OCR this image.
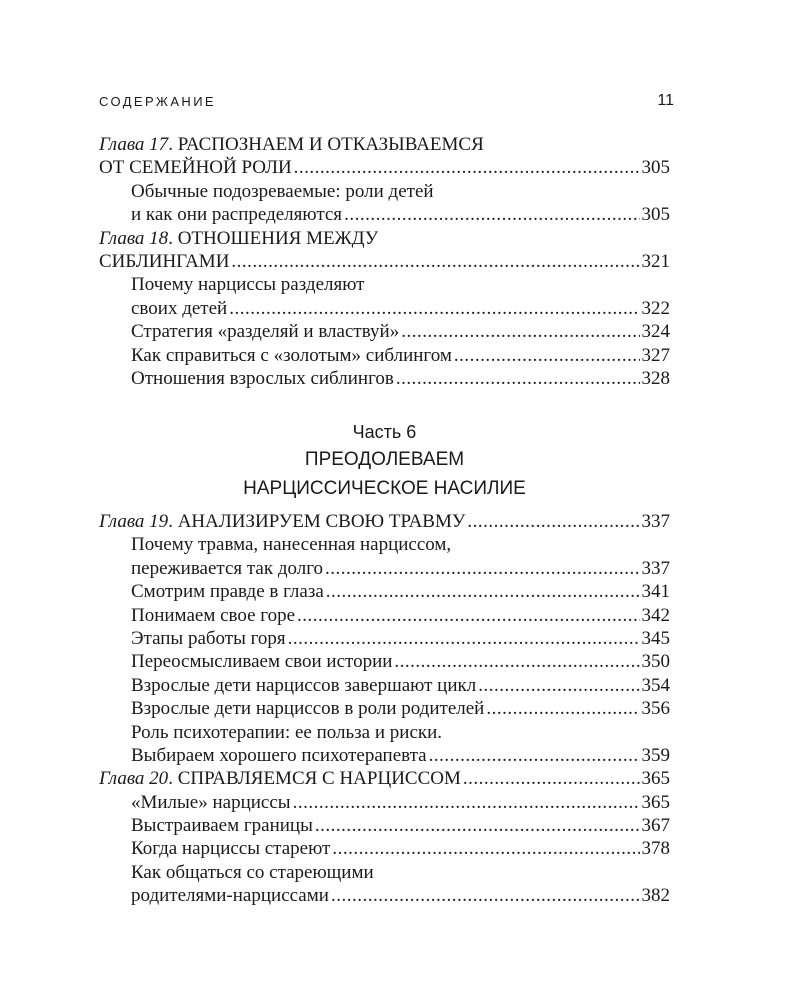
СОДЕРЖАНИЕ	11
Глава 17. РАСПОЗНАЕМ И ОТКАЗЫВАЕМСЯ
ОТ СЕМЕЙНОЙ РОЛИ .....	305
Обычные подозреваемые: роли детей
и как они распределяются .....	305
Глава 18. ОТНОШЕНИЯ МЕЖДУ
СИБЛИНГАМИ .....	321
Почему нарциссы разделяют
своих детей .....	322
Стратегия «разделяй и властвуй» .....	324
Как справиться с «золотым» сиблингом .....	327
Отношения взрослых сиблингов .....	328
Часть 6
ПРЕОДОЛЕВАЕМ
НАРЦИССИЧЕСКОЕ НАСИЛИЕ
Глава 19. АНАЛИЗИРУЕМ СВОЮ ТРАВМУ .....	337
Почему травма, нанесенная нарциссом,
переживается так долго .....	337
Смотрим правде в глаза .....	341
Понимаем свое горе .....	342
Этапы работы горя .....	345
Переосмысливаем свои истории .....	350
Взрослые дети нарциссов завершают цикл .....	354
Взрослые дети нарциссов в роли родителей .....	356
Роль психотерапии: ее польза и риски.
Выбираем хорошего психотерапевта .....	359
Глава 20. СПРАВЛЯЕМСЯ С НАРЦИССОМ .....	365
«Милые» нарциссы .....	365
Выстраиваем границы .....	367
Когда нарциссы стареют .....	378
Как общаться со стареющими
родителями-нарциссами .....	382
